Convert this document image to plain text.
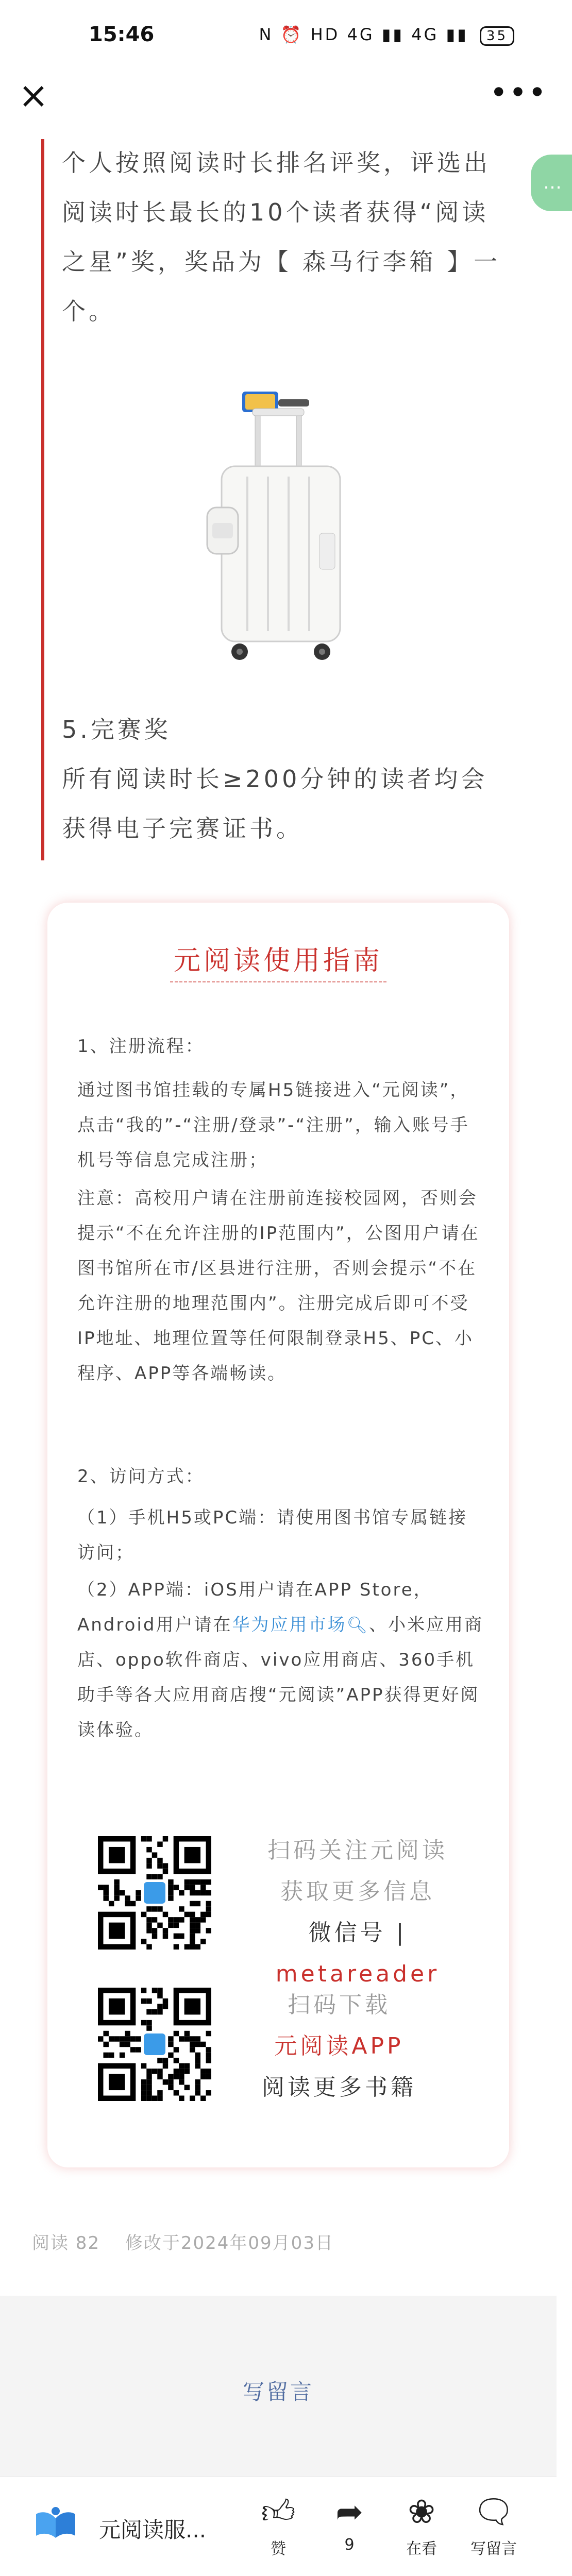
15:46	N ⏰ HD 4G ▮▮ 4G ▮▮ 35
×	•••
…

个人按照阅读时长排名评奖，评选出阅读时长最长的10个读者获得“阅读之星”奖，奖品为【 森马行李箱 】一个。

5.完赛奖

所有阅读时长≥200分钟的读者均会获得电子完赛证书。

元阅读使用指南

1、注册流程：

通过图书馆挂载的专属H5链接进入“元阅读”，点击“我的”-“注册/登录”-“注册”，输入账号手机号等信息完成注册；

注意：高校用户请在注册前连接校园网，否则会提示“不在允许注册的IP范围内”，公图用户请在图书馆所在市/区县进行注册，否则会提示“不在允许注册的地理范围内”。注册完成后即可不受IP地址、地理位置等任何限制登录H5、PC、小程序、APP等各端畅读。

2、访问方式：

（1）手机H5或PC端：请使用图书馆专属链接访问；

（2）APP端：iOS用户请在APP Store，Android用户请在华为应用市场🔍︎、小米应用商店、oppo软件商店、vivo应用商店、360手机助手等各大应用商店搜“元阅读”APP获得更好阅读体验。

扫码关注元阅读

获取更多信息

微信号 | metareader

扫码下载

元阅读APP

阅读更多书籍

阅读 82 修改于2024年09月03日
写留言
元阅读服...	👍︎
赞
➦
9
❀
在看
🗨︎
写留言
